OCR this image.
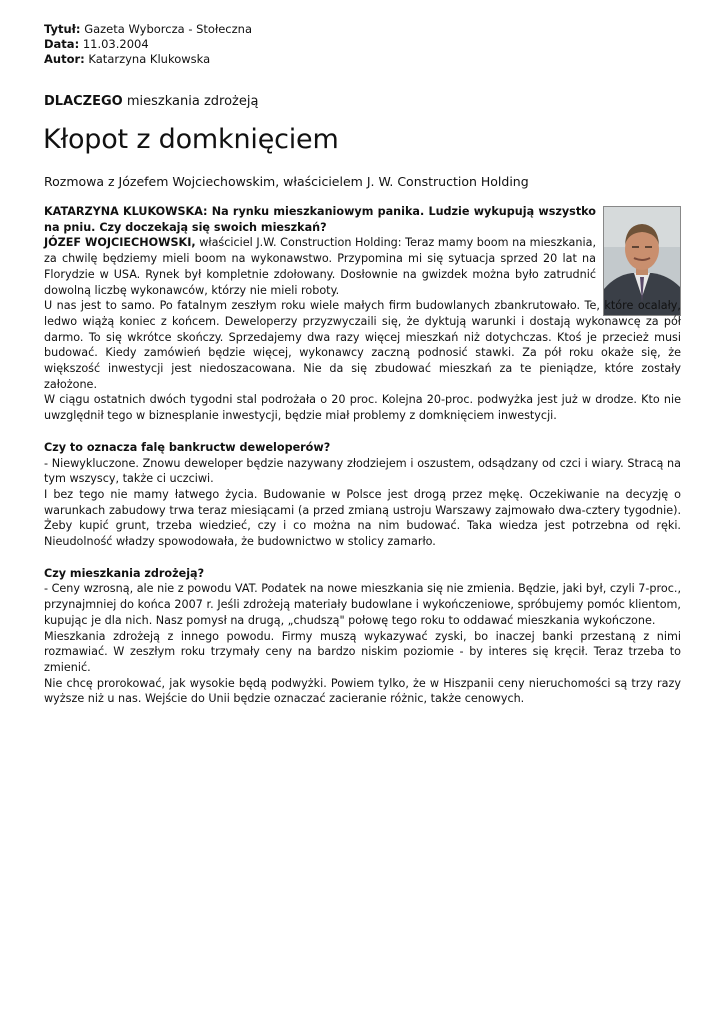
Tytuł: Gazeta Wyborcza - Stołeczna
Data: 11.03.2004
Autor: Katarzyna Klukowska
DLACZEGO mieszkania zdrożeją
Kłopot z domknięciem
Rozmowa z Józefem Wojciechowskim, właścicielem J. W. Construction Holding

KATARZYNA KLUKOWSKA: Na rynku mieszkaniowym panika. Ludzie wykupują wszystko na pniu. Czy doczekają się swoich mieszkań?

JÓZEF WOJCIECHOWSKI, właściciel J.W. Construction Holding: Teraz mamy boom na mieszkania, za chwilę będziemy mieli boom na wykonawstwo. Przypomina mi się sytuacja sprzed 20 lat na Florydzie w USA. Rynek był kompletnie zdołowany. Dosłownie na gwizdek można było zatrudnić dowolną liczbę wykonawców, którzy nie mieli roboty.

U nas jest to samo. Po fatalnym zeszłym roku wiele małych firm budowlanych zbankrutowało. Te, które ocalały, ledwo wiążą koniec z końcem. Deweloperzy przyzwyczaili się, że dyktują warunki i dostają wykonawcę za pół darmo. To się wkrótce skończy. Sprzedajemy dwa razy więcej mieszkań niż dotychczas. Ktoś je przecież musi budować. Kiedy zamówień będzie więcej, wykonawcy zaczną podnosić stawki. Za pół roku okaże się, że większość inwestycji jest niedoszacowana. Nie da się zbudować mieszkań za te pieniądze, które zostały założone.

W ciągu ostatnich dwóch tygodni stal podrożała o 20 proc. Kolejna 20-proc. podwyżka jest już w drodze. Kto nie uwzględnił tego w biznesplanie inwestycji, będzie miał problemy z domknięciem inwestycji.

Czy to oznacza falę bankructw deweloperów?

- Niewykluczone. Znowu deweloper będzie nazywany złodziejem i oszustem, odsądzany od czci i wiary. Stracą na tym wszyscy, także ci uczciwi.

I bez tego nie mamy łatwego życia. Budowanie w Polsce jest drogą przez mękę. Oczekiwanie na decyzję o warunkach zabudowy trwa teraz miesiącami (a przed zmianą ustroju Warszawy zajmowało dwa-cztery tygodnie). Żeby kupić grunt, trzeba wiedzieć, czy i co można na nim budować. Taka wiedza jest potrzebna od ręki. Nieudolność władzy spowodowała, że budownictwo w stolicy zamarło.

Czy mieszkania zdrożeją?

- Ceny wzrosną, ale nie z powodu VAT. Podatek na nowe mieszkania się nie zmienia. Będzie, jaki był, czyli 7-proc., przynajmniej do końca 2007 r. Jeśli zdrożeją materiały budowlane i wykończeniowe, spróbujemy pomóc klientom, kupując je dla nich. Nasz pomysł na drugą, „chudszą" połowę tego roku to oddawać mieszkania wykończone.

Mieszkania zdrożeją z innego powodu. Firmy muszą wykazywać zyski, bo inaczej banki przestaną z nimi rozmawiać. W zeszłym roku trzymały ceny na bardzo niskim poziomie - by interes się kręcił. Teraz trzeba to zmienić.

Nie chcę prorokować, jak wysokie będą podwyżki. Powiem tylko, że w Hiszpanii ceny nieruchomości są trzy razy wyższe niż u nas. Wejście do Unii będzie oznaczać zacieranie różnic, także cenowych.
